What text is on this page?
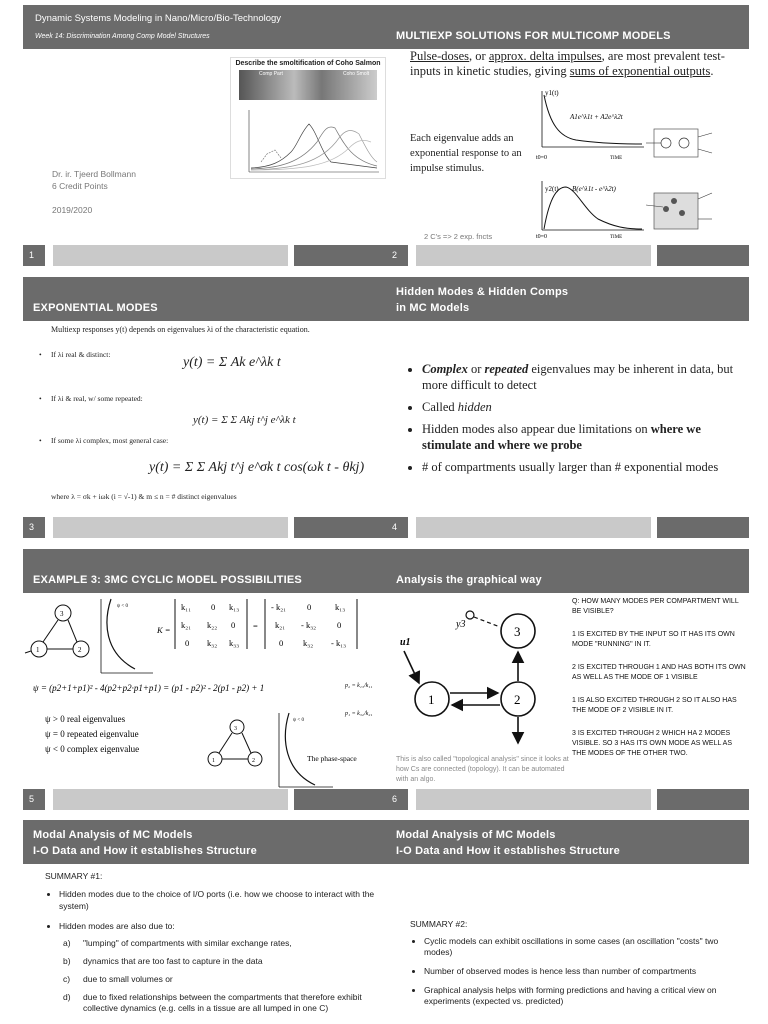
Dynamic Systems Modeling in Nano/Micro/Bio-Technology
Week 14: Discrimination Among Comp Model Structures
Describe the smoltification of Coho Salmon
Comp Part	Coho Smolt
Dr. ir. Tjeerd Bollmann
6 Credit Points
2019/2020
1
MULTIEXP SOLUTIONS FOR MULTICOMP MODELS
Pulse-doses, or approx. delta impulses, are most prevalent test-inputs in kinetic studies, giving sums of exponential outputs.
Each eigenvalue adds an exponential response to an impulse stimulus.
2 C's => 2 exp. fncts
y1(t)
A1e^λ1t + A2e^λ2t
t0=0	TIME
y2(t) B(e^λ1t - e^λ2t)
t0=0	TIME
2
EXPONENTIAL MODES
Multiexp responses y(t) depends on eigenvalues λi of the characteristic equation.
•     If λi real & distinct:
y(t) = Σ Ak e^λk t
•     If λi & real, w/ some repeated:
y(t) = Σ Σ Akj t^j e^λk t
•     If some λi complex, most general case:
y(t) = Σ Σ Akj t^j e^σk t cos(ωk t - θkj)
where λ = σk + iωk (i = √-1) & m ≤ n = # distinct eigenvalues
3
Hidden Modes & Hidden Comps
in MC Models
• Complex or repeated eigenvalues may be inherent in data, but more difficult to detect
• Called hidden
• Hidden modes also appear due limitations on where we stimulate and where we probe
• # of compartments usually larger than # exponential modes
4
EXAMPLE 3: 3MC CYCLIC MODEL POSSIBILITIES
3
1	2
ψ < 0
K =
k₁₁ 0 k₁₃
k₂₁ k₂₂ 0
0 k₃₂ k₃₃
=
- k₂₁ 0	k₁₃
k₂₁ - k₃₂ 0
0 k₃₂ - k₁₃
ψ = (p2+1+p1)² - 4(p2+p2·p1+p1) = (p1 - p2)² - 2(p1 - p2) + 1	p₂ = k₁₃/k₁₁
p₁ = k₃₂/k₂₁
ψ > 0 real eigenvalues
ψ = 0 repeated eigenvalue
ψ < 0 complex eigenvalue
3
1	2
ψ < 0
The phase-space
5
Analysis the graphical way
1	2
3
u1
y3
This is also called "topological analysis" since it looks at how Cs are connected (topology). It can be automated with an algo.
Q: HOW MANY MODES PER COMPARTMENT WILL BE VISIBLE?
1 IS EXCITED BY THE INPUT SO IT HAS ITS OWN MODE "RUNNING" IN IT.
2 IS EXCITED THROUGH 1 AND HAS BOTH ITS OWN AS WELL AS THE MODE OF 1 VISIBLE
1 IS ALSO EXCITED THROUGH 2 SO IT ALSO HAS THE MODE OF 2 VISIBLE IN IT.
3 IS EXCITED THROUGH 2 WHICH HA 2 MODES VISIBLE. SO 3 HAS ITS OWN MODE AS WELL AS THE MODES OF THE OTHER TWO.
6
Modal Analysis of MC Models
I-O Data and How it establishes Structure
SUMMARY #1:
• Hidden modes due to the choice of I/O ports (i.e. how we choose to interact with the system)
• Hidden modes are also due to:
a)	"lumping" of compartments with similar exchange rates,
b)	dynamics that are too fast to capture in the data
c)	due to small volumes or
d)	due to fixed relationships between the compartments that therefore exhibit collective dynamics (e.g. cells in a tissue are all lumped in one C)
Modal Analysis of MC Models
I-O Data and How it establishes Structure
SUMMARY #2:
• Cyclic models can exhibit oscillations in some cases (an oscillation "costs" two modes)
• Number of observed modes is hence less than number of compartments
• Graphical analysis helps with forming predictions and having a critical view on experiments (expected vs. predicted)
